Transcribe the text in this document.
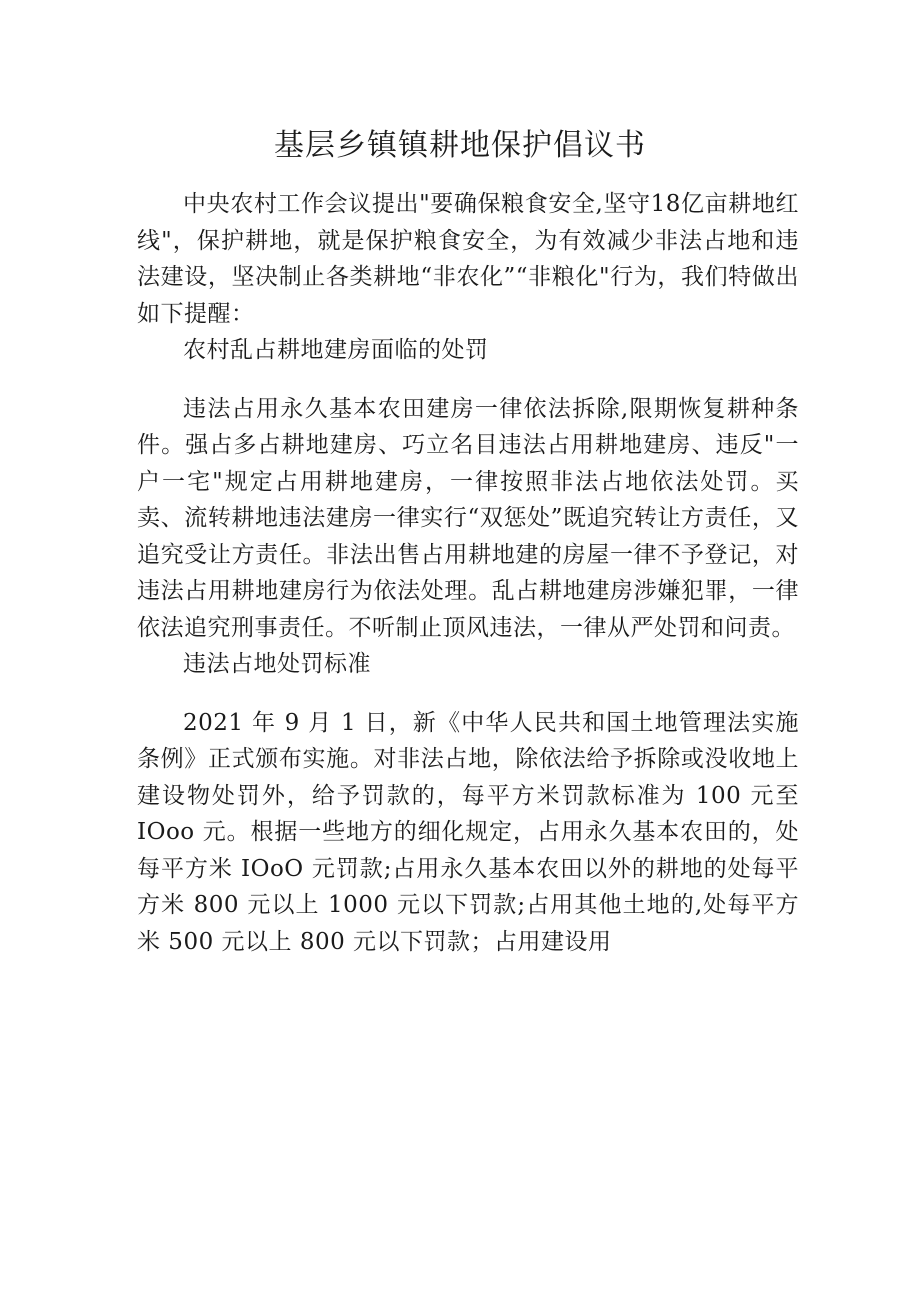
基层乡镇镇耕地保护倡议书

中央农村工作会议提出"要确保粮食安全,坚守18亿亩耕地红线"，保护耕地，就是保护粮食安全，为有效减少非法占地和违法建设，坚决制止各类耕地“非农化”“非粮化"行为，我们特做出如下提醒：

农村乱占耕地建房面临的处罚

违法占用永久基本农田建房一律依法拆除,限期恢复耕种条件。强占多占耕地建房、巧立名目违法占用耕地建房、违反"一户一宅"规定占用耕地建房，一律按照非法占地依法处罚。买卖、流转耕地违法建房一律实行“双惩处”既追究转让方责任，又追究受让方责任。非法出售占用耕地建的房屋一律不予登记，对违法占用耕地建房行为依法处理。乱占耕地建房涉嫌犯罪，一律依法追究刑事责任。不听制止顶风违法，一律从严处罚和问责。

违法占地处罚标准

2021 年 9 月 1 日，新《中华人民共和国土地管理法实施条例》正式颁布实施。对非法占地，除依法给予拆除或没收地上建设物处罚外，给予罚款的，每平方米罚款标准为 100 元至IOoo 元。根据一些地方的细化规定，占用永久基本农田的，处每平方米 IOoO 元罚款;占用永久基本农田以外的耕地的处每平方米 800 元以上 1000 元以下罚款;占用其他土地的,处每平方米 500 元以上 800 元以下罚款；占用建设用
